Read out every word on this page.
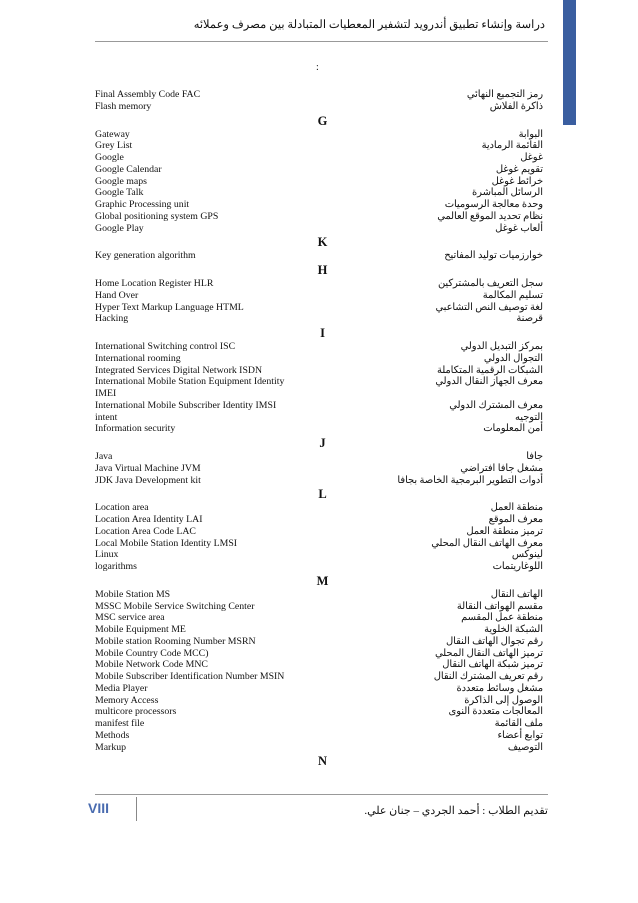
دراسة وإنشاء تطبيق أندرويد لتشفير المعطيات المتبادلة بين مصرف وعملائه
:
Final Assembly Code FAC	رمز التجميع النهائي
Flash memory	ذاكرة الفلاش
G
Gateway	البوابة
Grey List	القائمة الرمادية
Google	غوغل
Google Calendar	تقويم غوغل
Google maps	خرائط غوغل
Google Talk	الرسائل المباشرة
Graphic Processing unit	وحدة معالجة الرسوميات
Global positioning system GPS	نظام تحديد الموقع العالمي
Google Play	ألعاب غوغل
K
Key generation algorithm	خوارزميات توليد المفاتيح
H
Home Location Register HLR	سجل التعريف بالمشتركين
Hand Over	تسليم المكالمة
Hyper Text Markup Language HTML	لغة توصيف النص التشاعبي
Hacking	قرصنة
I
International Switching control ISC	بمركز التبديل الدولي
International rooming	التجوال الدولي
Integrated Services Digital Network ISDN	الشبكات الرقمية المتكاملة
International Mobile Station Equipment Identity	معرف الجهاز النقال الدولي
IMEI
International Mobile Subscriber Identity IMSI	معرف المشترك الدولي
intent	التوجيه
Information security	أمن المعلومات
J
Java	جافا
Java Virtual Machine JVM	مشغل جافا افتراضي
JDK Java Development kit	أدوات التطوير البرمجية الخاصة بجافا
L
Location area	منطقة العمل
Location Area Identity LAI	معرف الموقع
Location Area Code LAC	ترميز منطقة العمل
Local Mobile Station Identity LMSI	معرف الهاتف النقال المحلي
Linux	لينوكس
logarithms	اللوغاريتمات
M
Mobile Station MS	الهاتف النقال
MSSC Mobile Service Switching Center	مقسم الهواتف النقالة
MSC service area	منطقة عمل المقسم
Mobile Equipment ME	الشبكة الخلوية
Mobile station Rooming Number MSRN	رقم تجوال الهاتف النقال
Mobile Country Code MCC)	ترميز الهاتف النقال المحلي
Mobile Network Code MNC	ترميز شبكة الهاتف النقال
Mobile Subscriber Identification Number MSIN	رقم تعريف المشترك النقال
Media Player	مشغل وسائط متعددة
Memory Access	الوصول إلى الذاكرة
multicore processors	المعالجات متعددة النوى
manifest file	ملف القائمة
Methods	توابع أعضاء
Markup	التوصيف
N
VIII	تقديم الطلاب : أحمد الجردي – جنان علي.
